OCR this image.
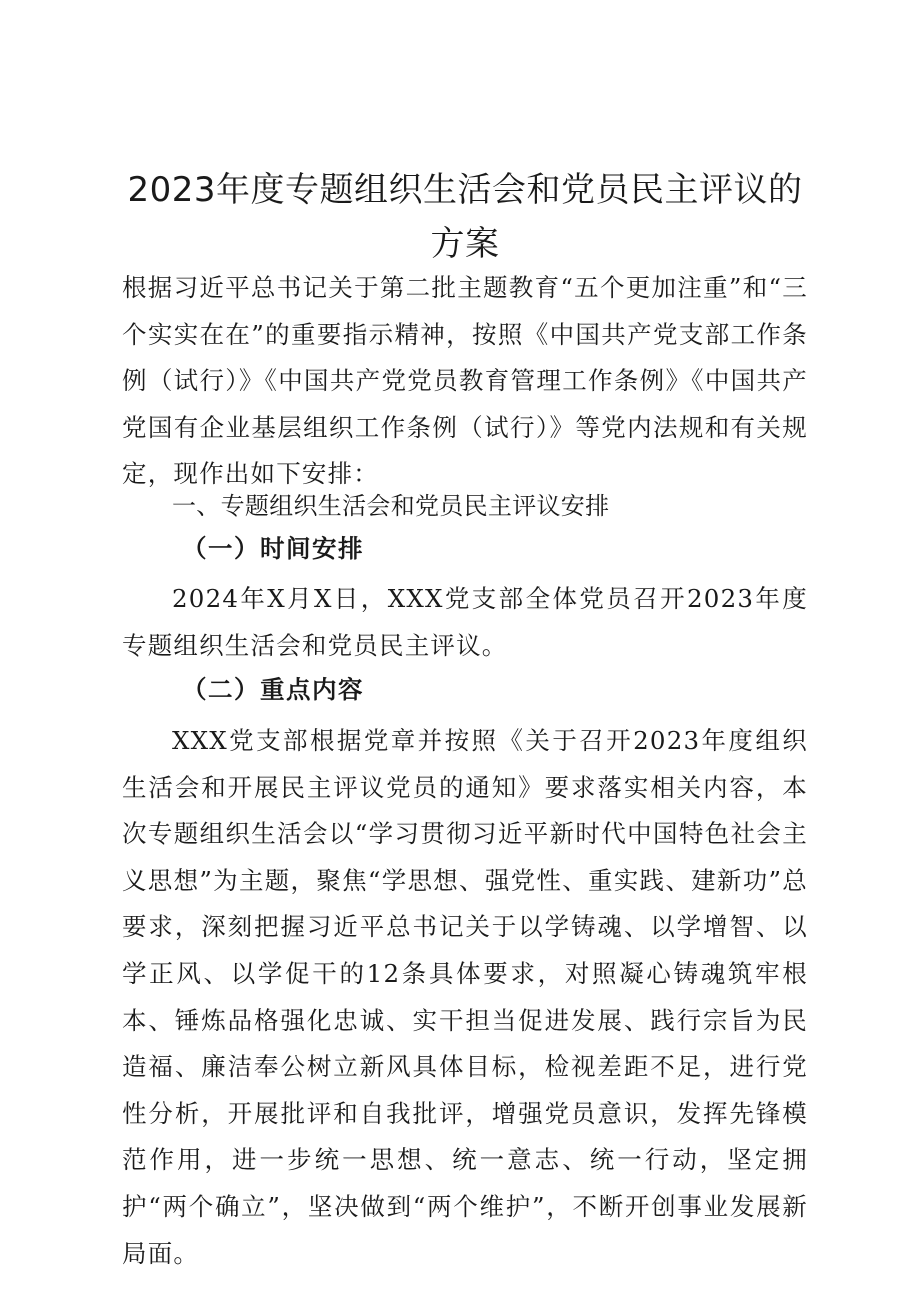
2023年度专题组织生活会和党员民主评议的
方案

根据习近平总书记关于第二批主题教育“五个更加注重”和“三个实实在在”的重要指示精神，按照《中国共产党支部工作条例（试行）》《中国共产党党员教育管理工作条例》《中国共产党国有企业基层组织工作条例（试行）》等党内法规和有关规定，现作出如下安排：

一、专题组织生活会和党员民主评议安排
（一）时间安排

2024年X月X日，XXX党支部全体党员召开2023年度专题组织生活会和党员民主评议。

（二）重点内容

XXX党支部根据党章并按照《关于召开2023年度组织生活会和开展民主评议党员的通知》要求落实相关内容，本次专题组织生活会以“学习贯彻习近平新时代中国特色社会主义思想”为主题，聚焦“学思想、强党性、重实践、建新功”总要求，深刻把握习近平总书记关于以学铸魂、以学增智、以学正风、以学促干的12条具体要求，对照凝心铸魂筑牢根本、锤炼品格强化忠诚、实干担当促进发展、践行宗旨为民造福、廉洁奉公树立新风具体目标，检视差距不足，进行党性分析，开展批评和自我批评，增强党员意识，发挥先锋模范作用，进一步统一思想、统一意志、统一行动，坚定拥护“两个确立”，坚决做到“两个维护”，不断开创事业发展新局面。
